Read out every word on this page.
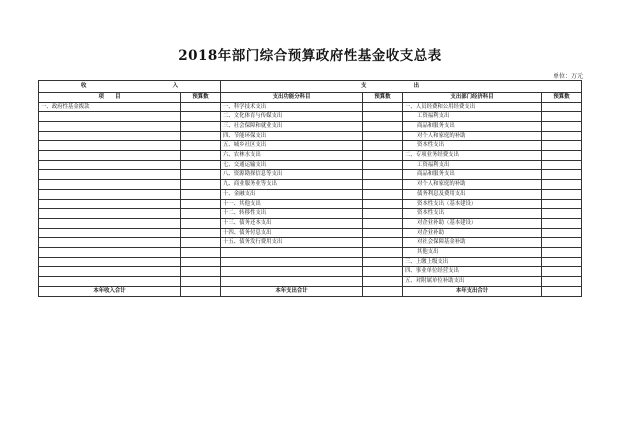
2018年部门综合预算政府性基金收支总表
单位：万元
收 入		支 出			

项      目	预算数	支出功能分科目	预算数	支出部门经济科目	预算数
一、政府性基金拨款		一、科学技术支出		一、人员经费和公用经费支出	
		二、文化体育与传媒支出		工资福利支出	
		三、社会保障和就业支出		商品和服务支出	
		四、节能环保支出		对个人和家庭的补助	
		五、城乡社区支出		资本性支出	
		六、农林水支出		二、专项业务经费支出	
		七、交通运输支出		工资福利支出	
		八、资源勘探信息等支出		商品和服务支出	
		九、商业服务业等支出		对个人和家庭的补助	
		十、金融支出		债务利息及费用支出	
		十一、其他支出		资本性支出（基本建设）	
		十二、转移性支出		资本性支出	
		十三、债务还本支出		对企业补助（基本建设）	
		十四、债务付息支出		对企业补助	
		十五、债务发行费用支出		对社会保障基金补助	
				其他支出	
				三、上缴上级支出	
				四、事业单位经营支出	
				五、对附属单位补助支出	
本年收入合计		本年支出合计		本年支出合计	
